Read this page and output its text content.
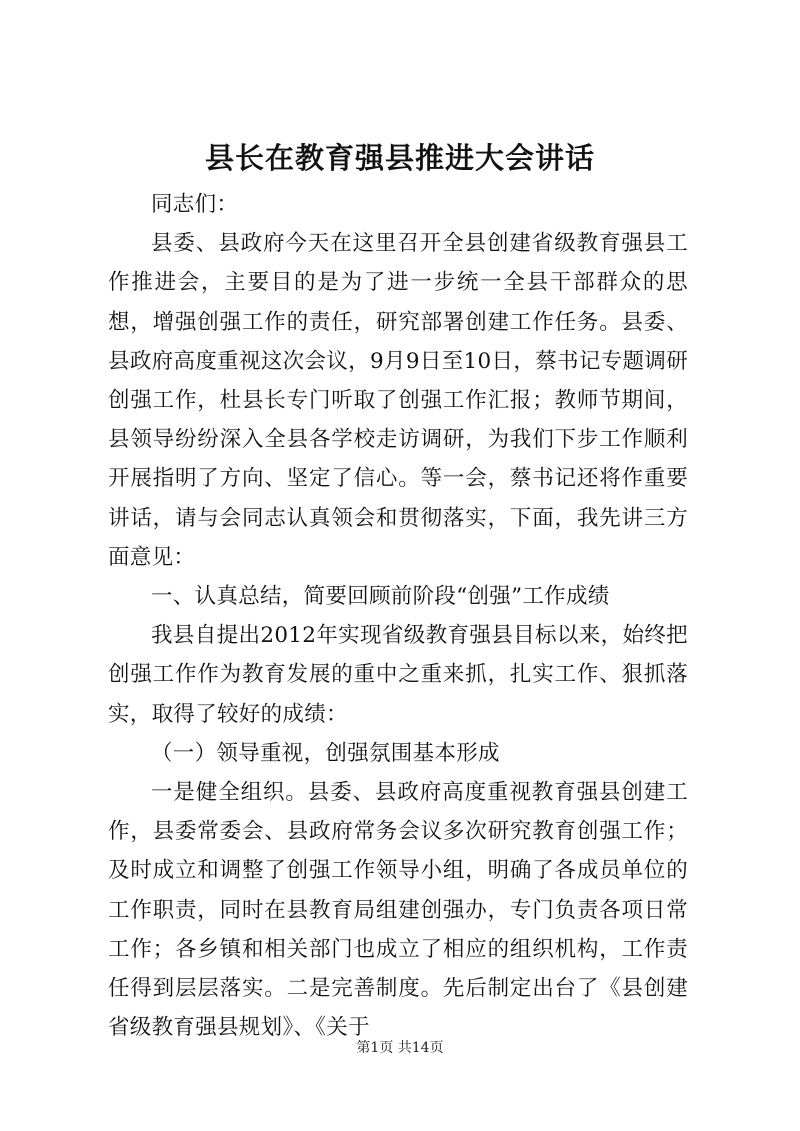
县长在教育强县推进大会讲话

同志们：

县委、县政府今天在这里召开全县创建省级教育强县工作推进会，主要目的是为了进一步统一全县干部群众的思想，增强创强工作的责任，研究部署创建工作任务。县委、县政府高度重视这次会议，9月9日至10日，蔡书记专题调研创强工作，杜县长专门听取了创强工作汇报；教师节期间，县领导纷纷深入全县各学校走访调研，为我们下步工作顺利开展指明了方向、坚定了信心。等一会，蔡书记还将作重要讲话，请与会同志认真领会和贯彻落实，下面，我先讲三方面意见：

一、认真总结，简要回顾前阶段“创强”工作成绩

我县自提出2012年实现省级教育强县目标以来，始终把创强工作作为教育发展的重中之重来抓，扎实工作、狠抓落实，取得了较好的成绩：

（一）领导重视，创强氛围基本形成

一是健全组织。县委、县政府高度重视教育强县创建工作，县委常委会、县政府常务会议多次研究教育创强工作；及时成立和调整了创强工作领导小组，明确了各成员单位的工作职责，同时在县教育局组建创强办，专门负责各项日常工作；各乡镇和相关部门也成立了相应的组织机构，工作责任得到层层落实。二是完善制度。先后制定出台了《县创建省级教育强县规划》、《关于

第1页 共14页
